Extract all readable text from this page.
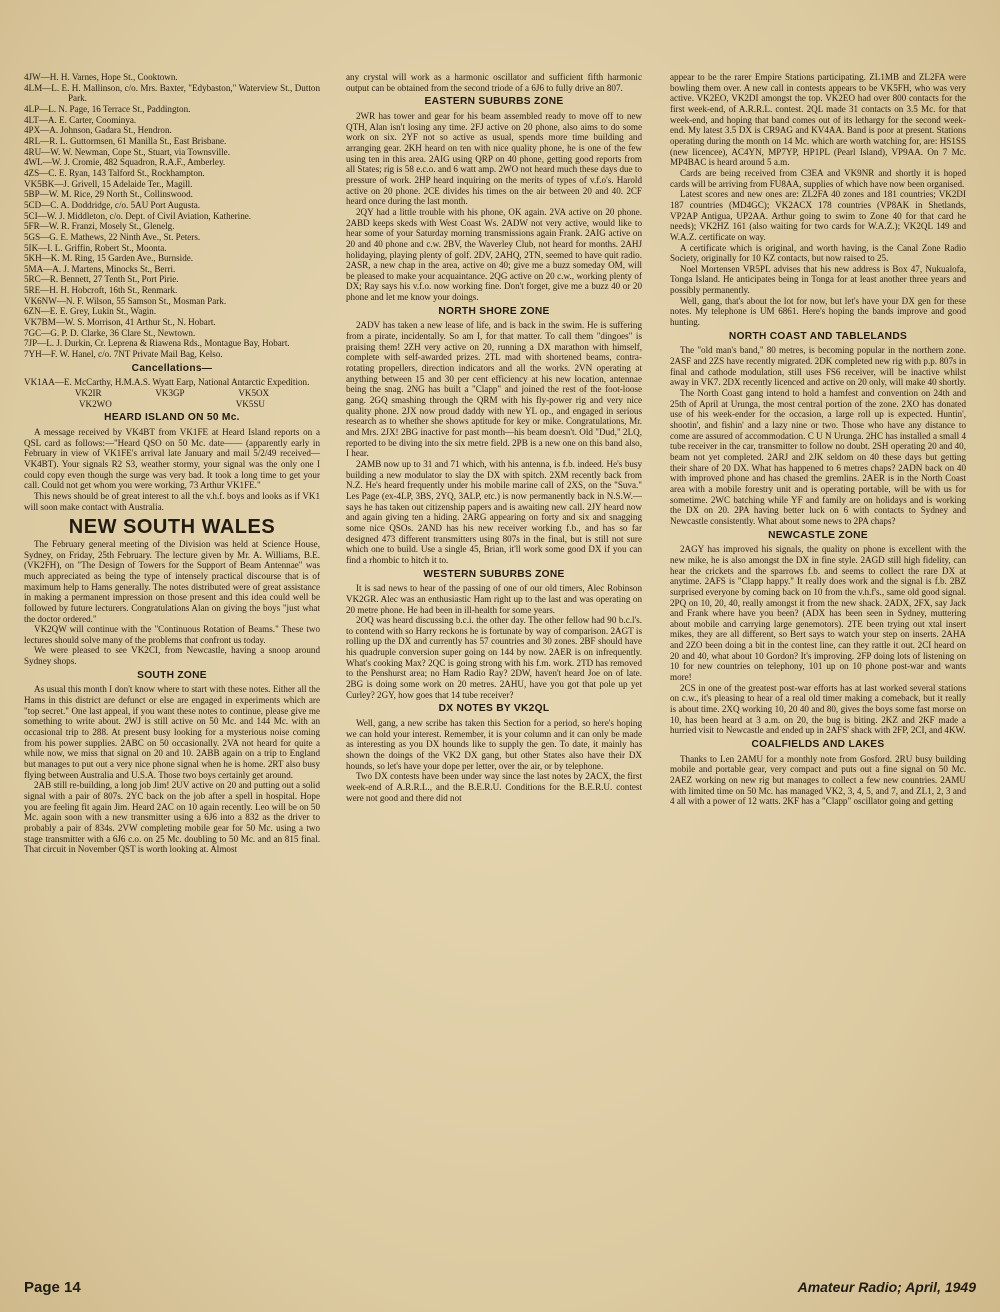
4JW—H. H. Varnes, Hope St., Cooktown.

4LM—L. E. H. Mallinson, c/o. Mrs. Baxter, "Edybaston," Waterview St., Dutton Park.

4LP—L. N. Page, 16 Terrace St., Paddington.

4LT—A. E. Carter, Coominya.

4PX—A. Johnson, Gadara St., Hendron.

4RL—R. L. Guttormsen, 61 Manilla St., East Brisbane.

4RU—W. W. Newman, Cope St., Stuart, via Townsville.

4WL—W. J. Cromie, 482 Squadron, R.A.F., Amberley.

4ZS—C. E. Ryan, 143 Talford St., Rockhampton.

VK5BK—J. Grivell, 15 Adelaide Ter., Magill.

5BP—W. M. Rice, 29 North St., Collinswood.

5CD—C. A. Doddridge, c/o. 5AU Port Augusta.

5CI—W. J. Middleton, c/o. Dept. of Civil Aviation, Katherine.

5FR—W. R. Franzi, Mosely St., Glenelg.

5GS—G. E. Mathews, 22 Ninth Ave., St. Peters.

5IK—I. L. Griffin, Robert St., Moonta.

5KH—K. M. Ring, 15 Garden Ave., Burnside.

5MA—A. J. Martens, Minocks St., Berri.

5RC—R. Bennett, 27 Tenth St., Port Pirie.

5RE—H. H. Hobcroft, 16th St., Renmark.

VK6NW—N. F. Wilson, 55 Samson St., Mosman Park.

6ZN—E. E. Grey, Lukin St., Wagin.

VK7BM—W. S. Morrison, 41 Arthur St., N. Hobart.

7GC—G. P. D. Clarke, 36 Clare St., Newtown.

7JP—L. J. Durkin, Cr. Leprena & Riawena Rds., Montague Bay, Hobart.

7YH—F. W. Hanel, c/o. 7NT Private Mail Bag, Kelso.

Cancellations—

VK1AA—E. McCarthy, H.M.A.S. Wyatt Earp, National Antarctic Expedition.

VK2IR	VK3GP	VK5OX
VK2WO	VK5SU
HEARD ISLAND ON 50 Mc.

A message received by VK4BT from VK1FE at Heard Island reports on a QSL card as follows:—"Heard QSO on 50 Mc. date—— (apparently early in February in view of VK1FE's arrival late January and mail 5/2/49 received—VK4BT). Your signals R2 S3, weather stormy, your signal was the only one I could copy even though the surge was very bad. It took a long time to get your call. Could not get whom you were working, 73 Arthur VK1FE."

This news should be of great interest to all the v.h.f. boys and looks as if VK1 will soon make contact with Australia.

NEW SOUTH WALES

The February general meeting of the Division was held at Science House, Sydney, on Friday, 25th February. The lecture given by Mr. A. Williams, B.E. (VK2FH), on "The Design of Towers for the Support of Beam Antennae" was much appreciated as being the type of intensely practical discourse that is of maximum help to Hams generally. The notes distributed were of great assistance in making a permanent impression on those present and this idea could well be followed by future lecturers. Congratulations Alan on giving the boys "just what the doctor ordered."

VK2QW will continue with the "Continuous Rotation of Beams." These two lectures should solve many of the problems that confront us today.

We were pleased to see VK2CI, from Newcastle, having a snoop around Sydney shops.

SOUTH ZONE

As usual this month I don't know where to start with these notes. Either all the Hams in this district are defunct or else are engaged in experiments which are "top secret." One last appeal, if you want these notes to continue, please give me something to write about. 2WJ is still active on 50 Mc. and 144 Mc. with an occasional trip to 288. At present busy looking for a mysterious noise coming from his power supplies. 2ABC on 50 occasionally. 2VA not heard for quite a while now, we miss that signal on 20 and 10. 2ABB again on a trip to England but manages to put out a very nice phone signal when he is home. 2RT also busy flying between Australia and U.S.A. Those two boys certainly get around.

2AB still re-building, a long job Jim! 2UV active on 20 and putting out a solid signal with a pair of 807s. 2YC back on the job after a spell in hospital. Hope you are feeling fit again Jim. Heard 2AC on 10 again recently. Leo will be on 50 Mc. again soon with a new transmitter using a 6J6 into a 832 as the driver to probably a pair of 834s. 2VW completing mobile gear for 50 Mc. using a two stage transmitter with a 6J6 c.o. on 25 Mc. doubling to 50 Mc. and an 815 final. That circuit in November QST is worth looking at. Almost

any crystal will work as a harmonic oscillator and sufficient fifth harmonic output can be obtained from the second triode of a 6J6 to fully drive an 807.

EASTERN SUBURBS ZONE

2WR has tower and gear for his beam assembled ready to move off to new QTH, Alan isn't losing any time. 2FJ active on 20 phone, also aims to do some work on six. 2YF not so active as usual, spends more time building and arranging gear. 2KH heard on ten with nice quality phone, he is one of the few using ten in this area. 2AIG using QRP on 40 phone, getting good reports from all States; rig is 58 e.c.o. and 6 watt amp. 2WO not heard much these days due to pressure of work. 2HP heard inquiring on the merits of types of v.f.o's. Harold active on 20 phone. 2CE divides his times on the air between 20 and 40. 2CF heard once during the last month.

2QY had a little trouble with his phone, OK again. 2VA active on 20 phone. 2ABD keeps skeds with West Coast Ws. 2ADW not very active, would like to hear some of your Saturday morning transmissions again Frank. 2AIG active on 20 and 40 phone and c.w. 2BV, the Waverley Club, not heard for months. 2AHJ holidaying, playing plenty of golf. 2DV, 2AHQ, 2TN, seemed to have quit radio. 2ASR, a new chap in the area, active on 40; give me a buzz someday OM, will be pleased to make your acquaintance. 2QG active on 20 c.w., working plenty of DX; Ray says his v.f.o. now working fine. Don't forget, give me a buzz 40 or 20 phone and let me know your doings.

NORTH SHORE ZONE

2ADV has taken a new lease of life, and is back in the swim. He is suffering from a pirate, incidentally. So am I, for that matter. To call them "dingoes" is praising them! 2ZH very active on 20, running a DX marathon with himself, complete with self-awarded prizes. 2TL mad with shortened beams, contra-rotating propellers, direction indicators and all the works. 2VN operating at anything between 15 and 30 per cent efficiency at his new location, antennae being the snag. 2NG has built a "Clapp" and joined the rest of the foot-loose gang. 2GQ smashing through the QRM with his fly-power rig and very nice quality phone. 2JX now proud daddy with new YL op., and engaged in serious research as to whether she shows aptitude for key or mike. Congratulations, Mr. and Mrs. 2JX! 2BG inactive for past month—his beam doesn't. Old "Dud," 2LQ, reported to be diving into the six metre field. 2PB is a new one on this band also, I hear.

2AMB now up to 31 and 71 which, with his antenna, is f.b. indeed. He's busy building a new modulator to slay the DX with spitch. 2XM recently back from N.Z. He's heard frequently under his mobile marine call of 2XS, on the "Suva." Les Page (ex-4LP, 3BS, 2YQ, 3ALP, etc.) is now permanently back in N.S.W.—says he has taken out citizenship papers and is awaiting new call. 2JY heard now and again giving ten a hiding. 2ARG appearing on forty and six and snagging some nice QSOs. 2AND has his new receiver working f.b., and has so far designed 473 different transmitters using 807s in the final, but is still not sure which one to build. Use a single 45, Brian, it'll work some good DX if you can find a rhombic to hitch it to.

WESTERN SUBURBS ZONE

It is sad news to hear of the passing of one of our old timers, Alec Robinson VK2GR. Alec was an enthusiastic Ham right up to the last and was operating on 20 metre phone. He had been in ill-health for some years.

2OQ was heard discussing b.c.i. the other day. The other fellow had 90 b.c.l's. to contend with so Harry reckons he is fortunate by way of comparison. 2AGT is rolling up the DX and currently has 57 countries and 30 zones. 2BF should have his quadruple conversion super going on 144 by now. 2AER is on infrequently. What's cooking Max? 2QC is going strong with his f.m. work. 2TD has removed to the Penshurst area; no Ham Radio Ray? 2DW, haven't heard Joe on of late. 2BG is doing some work on 20 metres. 2AHU, have you got that pole up yet Curley? 2GY, how goes that 14 tube receiver?

DX NOTES BY VK2QL

Well, gang, a new scribe has taken this Section for a period, so here's hoping we can hold your interest. Remember, it is your column and it can only be made as interesting as you DX hounds like to supply the gen. To date, it mainly has shown the doings of the VK2 DX gang, but other States also have their DX hounds, so let's have your dope per letter, over the air, or by telephone.

Two DX contests have been under way since the last notes by 2ACX, the first week-end of A.R.R.L., and the B.E.R.U. Conditions for the B.E.R.U. contest were not good and there did not

appear to be the rarer Empire Stations participating. ZL1MB and ZL2FA were bowling them over. A new call in contests appears to be VK5FH, who was very active. VK2EO, VK2DI amongst the top. VK2EO had over 800 contacts for the first week-end, of A.R.R.L. contest. 2QL made 31 contacts on 3.5 Mc. for that week-end, and hoping that band comes out of its lethargy for the second week-end. My latest 3.5 DX is CR9AG and KV4AA. Band is poor at present. Stations operating during the month on 14 Mc. which are worth watching for, are: HS1SS (new licencee), AC4YN, MP7YP, HP1PL (Pearl Island), VP9AA. On 7 Mc. MP4BAC is heard around 5 a.m.

Cards are being received from C3EA and VK9NR and shortly it is hoped cards will be arriving from FU8AA, supplies of which have now been organised.

Latest scores and new ones are: ZL2FA 40 zones and 181 countries; VK2DI 187 countries (MD4GC); VK2ACX 178 countries (VP8AK in Shetlands, VP2AP Antigua, UP2AA. Arthur going to swim to Zone 40 for that card he needs); VK2HZ 161 (also waiting for two cards for W.A.Z.); VK2QL 149 and W.A.Z. certificate on way.

A certificate which is original, and worth having, is the Canal Zone Radio Society, originally for 10 KZ contacts, but now raised to 25.

Noel Mortensen VR5PL advises that his new address is Box 47, Nukualofa, Tonga Island. He anticipates being in Tonga for at least another three years and possibly permanently.

Well, gang, that's about the lot for now, but let's have your DX gen for these notes. My telephone is UM 6861. Here's hoping the bands improve and good hunting.

NORTH COAST AND TABLELANDS

The "old man's band," 80 metres, is becoming popular in the northern zone. 2ASF and 2ZS have recently migrated. 2DK completed new rig with p.p. 807s in final and cathode modulation, still uses FS6 receiver, will be inactive whilst away in VK7. 2DX recently licenced and active on 20 only, will make 40 shortly.

The North Coast gang intend to hold a hamfest and convention on 24th and 25th of April at Urunga, the most central portion of the zone. 2XO has donated use of his week-ender for the occasion, a large roll up is expected. Huntin', shootin', and fishin' and a lazy nine or two. Those who have any distance to come are assured of accommodation. C U N Urunga. 2HC has installed a small 4 tube receiver in the car, transmitter to follow no doubt. 2SH operating 20 and 40, beam not yet completed. 2ARJ and 2JK seldom on 40 these days but getting their share of 20 DX. What has happened to 6 metres chaps? 2ADN back on 40 with improved phone and has chased the gremlins. 2AER is in the North Coast area with a mobile forestry unit and is operating portable, will be with us for sometime. 2WC batching while YF and family are on holidays and is working the DX on 20. 2PA having better luck on 6 with contacts to Sydney and Newcastle consistently. What about some news to 2PA chaps?

NEWCASTLE ZONE

2AGY has improved his signals, the quality on phone is excellent with the new mike, he is also amongst the DX in fine style. 2AGD still high fidelity, can hear the crickets and the sparrows f.b. and seems to collect the rare DX at anytime. 2AFS is "Clapp happy." It really does work and the signal is f.b. 2BZ surprised everyone by coming back on 10 from the v.h.f's., same old good signal. 2PQ on 10, 20, 40, really amongst it from the new shack. 2ADX, 2FX, say Jack and Frank where have you been? (ADX has been seen in Sydney, muttering about mobile and carrying large genemotors). 2TE been trying out xtal insert mikes, they are all different, so Bert says to watch your step on inserts. 2AHA and 2ZO been doing a bit in the contest line, can they rattle it out. 2CI heard on 20 and 40, what about 10 Gordon? It's improving. 2FP doing lots of listening on 10 for new countries on telephony, 101 up on 10 phone post-war and wants more!

2CS in one of the greatest post-war efforts has at last worked several stations on c.w., it's pleasing to hear of a real old timer making a comeback, but it really is about time. 2XQ working 10, 20 40 and 80, gives the boys some fast morse on 10, has been heard at 3 a.m. on 20, the bug is biting. 2KZ and 2KF made a hurried visit to Newcastle and ended up in 2AFS' shack with 2FP, 2CI, and 4KW.

COALFIELDS AND LAKES

Thanks to Len 2AMU for a monthly note from Gosford. 2RU busy building mobile and portable gear, very compact and puts out a fine signal on 50 Mc. 2AEZ working on new rig but manages to collect a few new countries. 2AMU with limited time on 50 Mc. has managed VK2, 3, 4, 5, and 7, and ZL1, 2, 3 and 4 all with a power of 12 watts. 2KF has a "Clapp" oscillator going and getting

Page 14	Amateur Radio; April, 1949
